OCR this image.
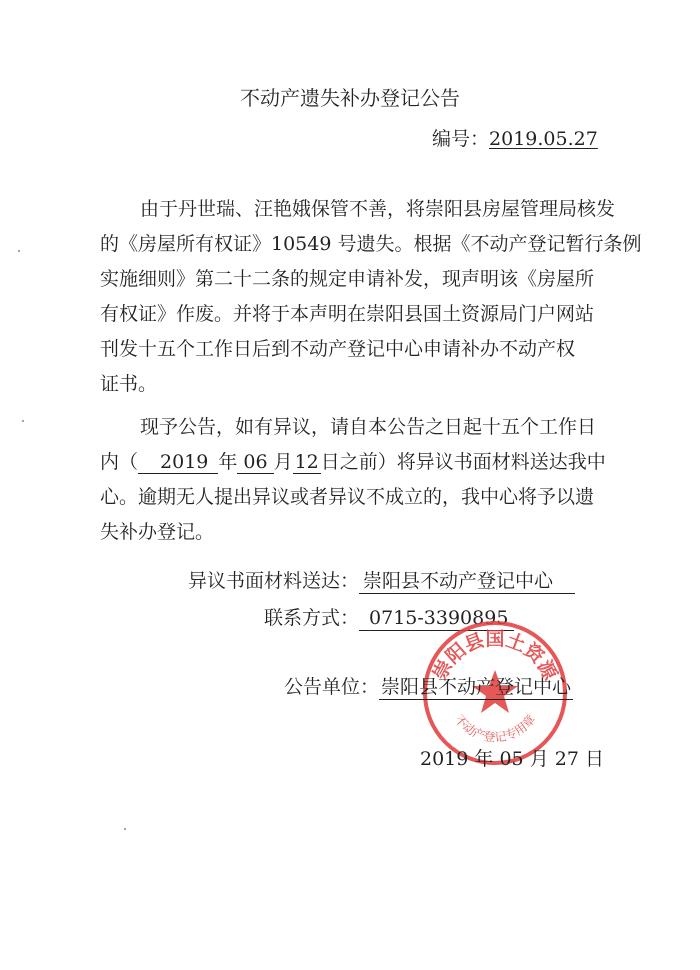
不动产遗失补办登记公告
编号：2019.05.27
由于丹世瑞、汪艳娥保管不善，将崇阳县房屋管理局核发
的《房屋所有权证》10549 号遗失。根据《不动产登记暂行条例
实施细则》第二十二条的规定申请补发，现声明该《房屋所
有权证》作废。并将于本声明在崇阳县国土资源局门户网站
刊发十五个工作日后到不动产登记中心申请补办不动产权
证书。
现予公告，如有异议，请自本公告之日起十五个工作日
内（ 2019 年 06 月 12 日之前）将异议书面材料送达我中
心。逾期无人提出异议或者异议不成立的，我中心将予以遗
失补办登记。
异议书面材料送达： 崇阳县不动产登记中心
联系方式： 0715-3390895
崇阳县国土资源
不动产登记专用章
公告单位： 崇阳县不动产登记中心
2019 年 05 月 27 日
